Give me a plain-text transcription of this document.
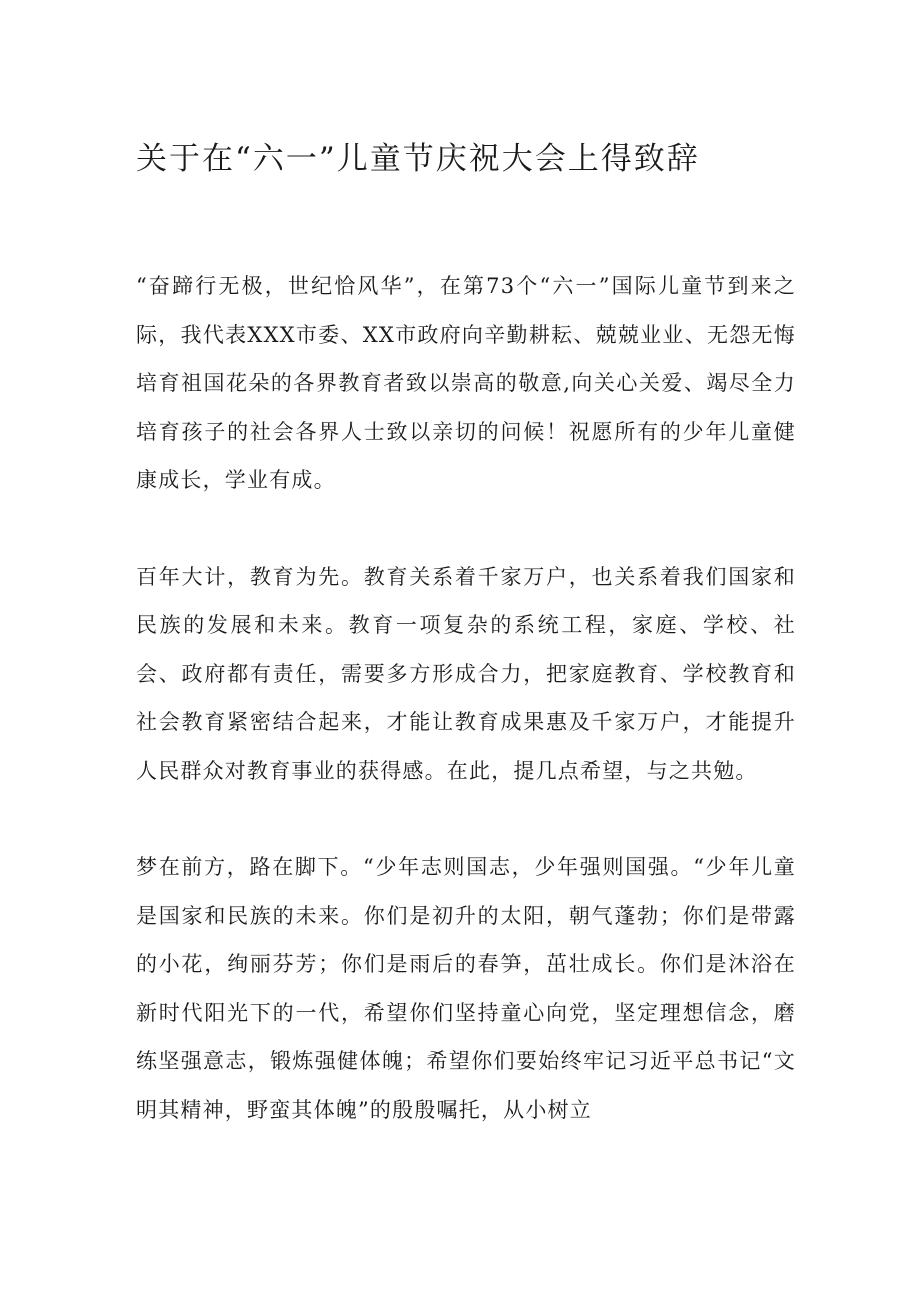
关于在“六一”儿童节庆祝大会上得致辞

“奋蹄行无极，世纪恰风华”，在第73个“六一”国际儿童节到来之际，我代表XXX市委、XX市政府向辛勤耕耘、兢兢业业、无怨无悔培育祖国花朵的各界教育者致以崇高的敬意,向关心关爱、竭尽全力培育孩子的社会各界人士致以亲切的问候！祝愿所有的少年儿童健康成长，学业有成。

百年大计，教育为先。教育关系着千家万户，也关系着我们国家和民族的发展和未来。教育一项复杂的系统工程，家庭、学校、社会、政府都有责任，需要多方形成合力，把家庭教育、学校教育和社会教育紧密结合起来，才能让教育成果惠及千家万户，才能提升人民群众对教育事业的获得感。在此，提几点希望，与之共勉。

梦在前方，路在脚下。“少年志则国志，少年强则国强。“少年儿童是国家和民族的未来。你们是初升的太阳，朝气蓬勃；你们是带露的小花，绚丽芬芳；你们是雨后的春笋，茁壮成长。你们是沐浴在新时代阳光下的一代，希望你们坚持童心向党，坚定理想信念，磨练坚强意志，锻炼强健体魄；希望你们要始终牢记习近平总书记“文明其精神，野蛮其体魄”的殷殷嘱托，从小树立
